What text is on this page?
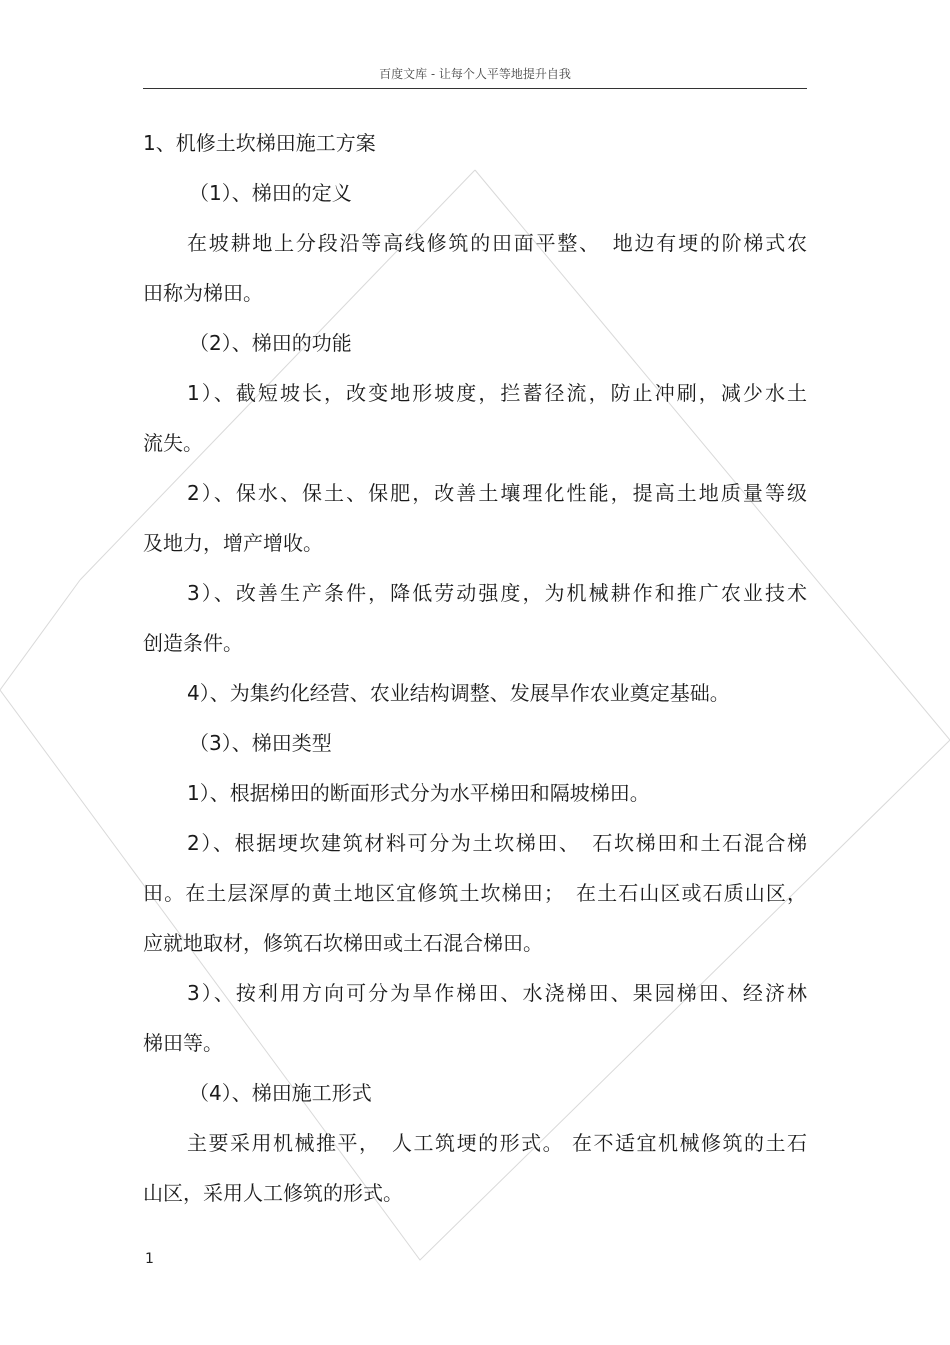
百度文库 - 让每个人平等地提升自我
1、机修土坎梯田施工方案
（1）、梯田的定义
在坡耕地上分段沿等高线修筑的田面平整、　地边有埂的阶梯式农
田称为梯田。
（2）、梯田的功能
1）、截短坡长，改变地形坡度，拦蓄径流，防止冲刷，减少水土
流失。
2）、保水、保土、保肥，改善土壤理化性能，提高土地质量等级
及地力，增产增收。
3）、改善生产条件，降低劳动强度，为机械耕作和推广农业技术
创造条件。
4）、为集约化经营、农业结构调整、发展旱作农业奠定基础。
（3）、梯田类型
1）、根据梯田的断面形式分为水平梯田和隔坡梯田。
2）、根据埂坎建筑材料可分为土坎梯田、　石坎梯田和土石混合梯
田。在土层深厚的黄土地区宜修筑土坎梯田；　在土石山区或石质山区，
应就地取材，修筑石坎梯田或土石混合梯田。
3）、按利用方向可分为旱作梯田、水浇梯田、果园梯田、经济林
梯田等。
（4）、梯田施工形式
主要采用机械推平，　人工筑埂的形式。 在不适宜机械修筑的土石
山区，采用人工修筑的形式。
1
